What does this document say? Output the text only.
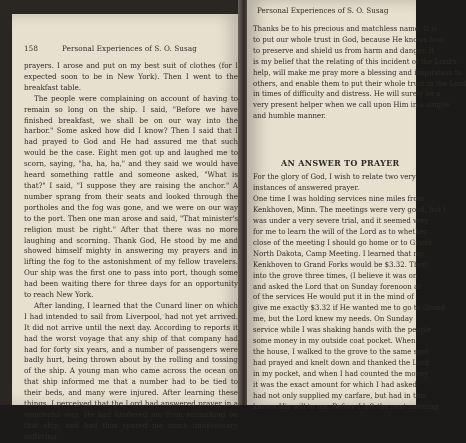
158	Personal Experiences of S. O. Susag

prayers. I arose and put on my best suit of clothes (for I expected soon to be in New York). Then I went to the breakfast table.

The people were complaining on account of having to remain so long on the ship. I said, "Before we have finished breakfast, we shall be on our way into the harbor." Some asked how did I know? Then I said that I had prayed to God and He had assured me that such would be the case. Eight men got up and laughed me to scorn, saying, "ha, ha, ha," and they said we would have heard something rattle and someone asked, "What is that?" I said, "I suppose they are raising the anchor." A number sprang from their seats and looked through the portholes and the fog was gone, and we were on our way to the port. Then one man arose and said, "That minister's religion must be right." After that there was no more laughing and scorning. Thank God, He stood by me and showed himself mighty in answering my prayers and in lifting the fog to the astonishment of my fellow travelers. Our ship was the first one to pass into port, though some had been waiting there for three days for an opportunity to reach New York.

After landing, I learned that the Cunard liner on which I had intended to sail from Liverpool, had not yet arrived. It did not arrive until the next day. According to reports it had the worst voyage that any ship of that company had had for forty six years, and a number of passengers were badly hurt, being thrown about by the rolling and tossing of the ship. A young man who came across the ocean on that ship informed me that a number had to be tied to their beds, and many were injured. After learning these things, I perceived that the Lord had answered prayer in a wonderful way. He had hindered me from embarking on that ship, and had thus spared me much unnecessary suffering.

Personal Experiences of S. O. Susag
Thanks be to his precious and matchless name. It is
to put our whole trust in God, because He knows how
to preserve and shield us from harm and danger. It
is my belief that the relating of this incident of the Lord's
help, will make me pray more a blessing and inspiration to
others, and enable them to put their whole trust in the Lord
in times of difficulty and distress. He will surely be a
very present helper when we call upon Him in a simple
and humble manner.
AN ANSWER TO PRAYER
For the glory of God, I wish to relate two very
instances of answered prayer.
One time I was holding services nine miles from
Kenkhoven, Minn. The meetings were very good, but I
was under a very severe trial, and it seemed very
for me to learn the will of the Lord as to whether
close of the meeting I should go home or to Grand
North Dakota, Camp Meeting. I learned that my
Kenkhoven to Grand Forks would be $3.32. Then
into the grove three times, (I believe it was on
and asked the Lord that on Sunday forenoon at
of the services He would put it in the mind of
give me exactly $3.32 if He wanted me to go to Grand
me, but the Lord knew my needs. On Sunday
service while I was shaking hands with the people
some money in my outside coat pocket. When
the house, I walked to the grove to the same spot
had prayed and knelt down and thanked the Lord
in my pocket, and when I had counted the money
it was the exact amount for which I had asked.
had not only supplied my carfare, but had in this
known His will to me. Before I left the next morning
